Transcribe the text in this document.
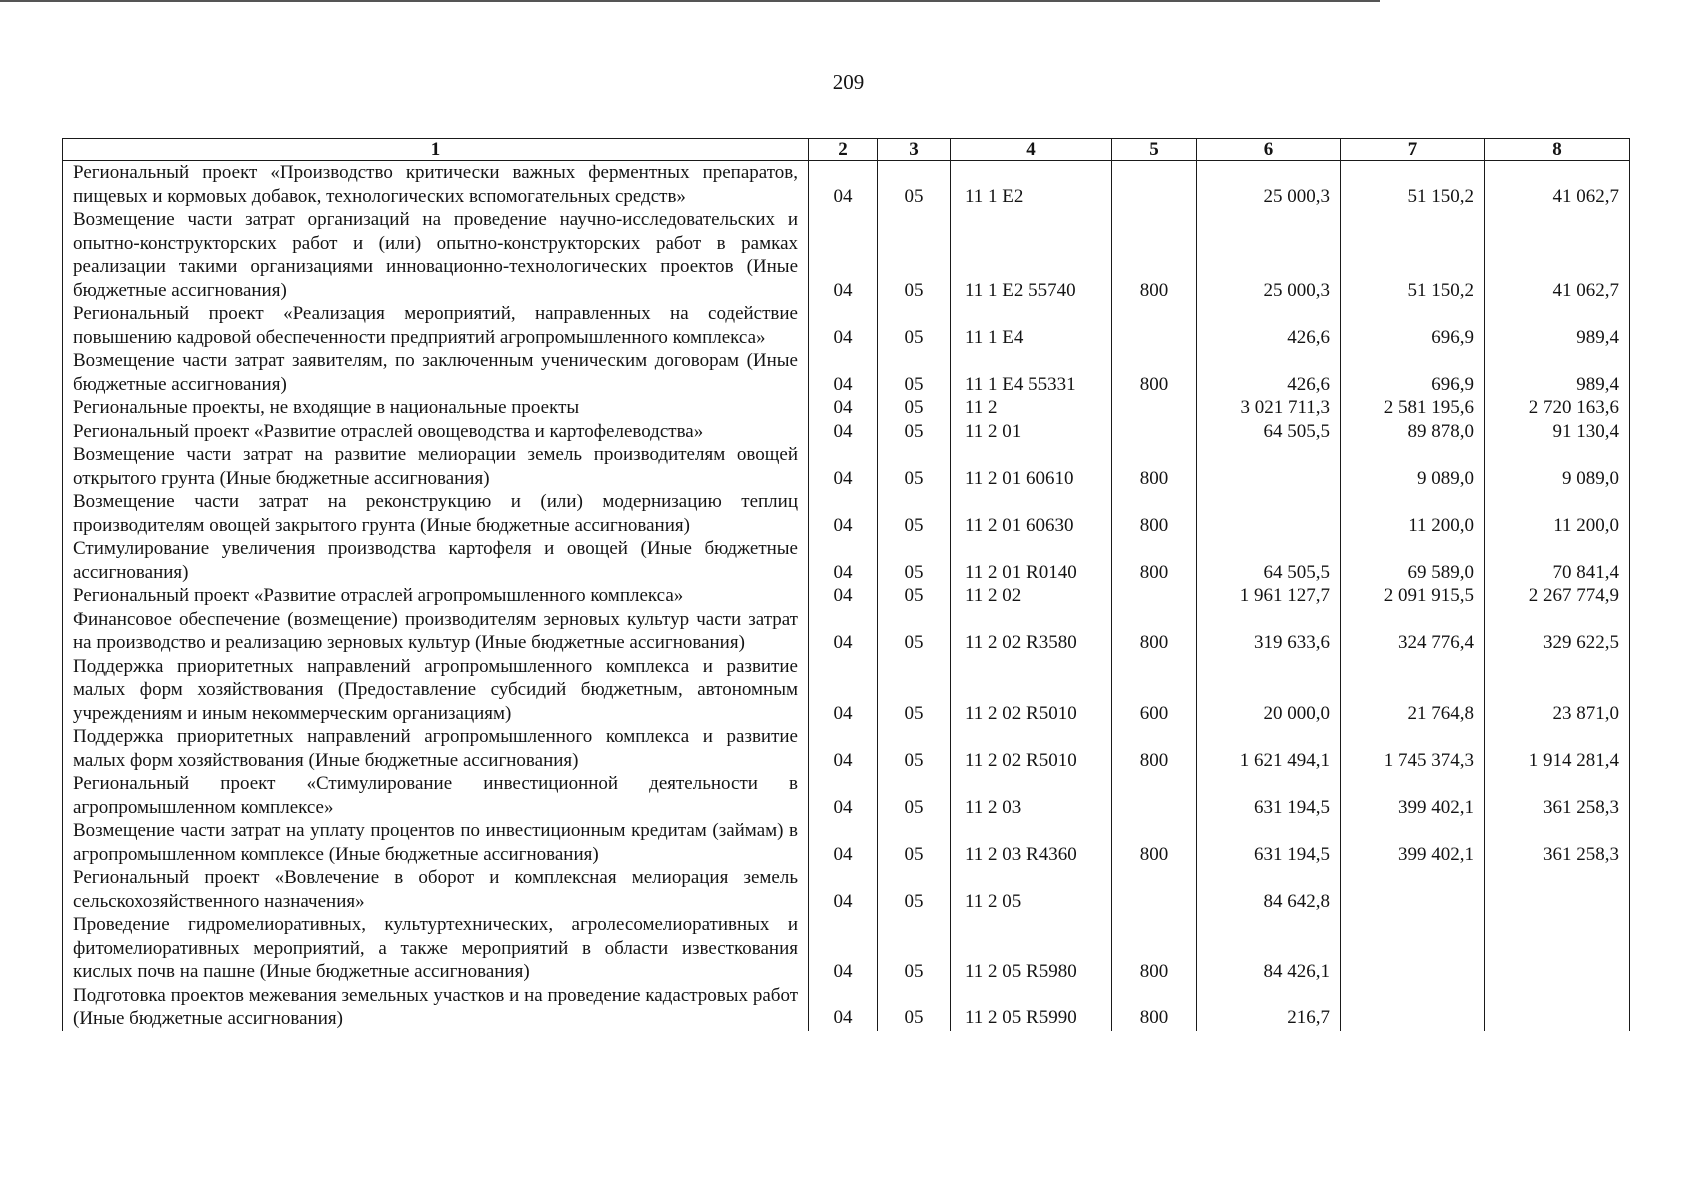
209
1	2	3	4	5	6	7	8
Региональный проект «Производство критически важных ферментных препаратов, пищевых и кормовых добавок, технологических вспомогательных средств»	04	05	11 1 E2		25 000,3	51 150,2	41 062,7
Возмещение части затрат организаций на проведение научно-исследовательских и опытно-конструкторских работ и (или) опытно-конструкторских работ в рамках реализации такими организациями инновационно-технологических проектов (Иные бюджетные ассигнования)	04	05	11 1 E2 55740	800	25 000,3	51 150,2	41 062,7
Региональный проект «Реализация мероприятий, направленных на содействие повышению кадровой обеспеченности предприятий агропромышленного комплекса»	04	05	11 1 E4		426,6	696,9	989,4
Возмещение части затрат заявителям, по заключенным ученическим договорам (Иные бюджетные ассигнования)	04	05	11 1 E4 55331	800	426,6	696,9	989,4
Региональные проекты, не входящие в национальные проекты	04	05	11 2		3 021 711,3	2 581 195,6	2 720 163,6
Региональный проект «Развитие отраслей овощеводства и картофелеводства»	04	05	11 2 01		64 505,5	89 878,0	91 130,4
Возмещение части затрат на развитие мелиорации земель производителям овощей открытого грунта (Иные бюджетные ассигнования)	04	05	11 2 01 60610	800		9 089,0	9 089,0
Возмещение части затрат на реконструкцию и (или) модернизацию теплиц производителям овощей закрытого грунта (Иные бюджетные ассигнования)	04	05	11 2 01 60630	800		11 200,0	11 200,0
Стимулирование увеличения производства картофеля и овощей (Иные бюджетные ассигнования)	04	05	11 2 01 R0140	800	64 505,5	69 589,0	70 841,4
Региональный проект «Развитие отраслей агропромышленного комплекса»	04	05	11 2 02		1 961 127,7	2 091 915,5	2 267 774,9
Финансовое обеспечение (возмещение) производителям зерновых культур части затрат на производство и реализацию зерновых культур (Иные бюджетные ассигнования)	04	05	11 2 02 R3580	800	319 633,6	324 776,4	329 622,5
Поддержка приоритетных направлений агропромышленного комплекса и развитие малых форм хозяйствования (Предоставление субсидий бюджетным, автономным учреждениям и иным некоммерческим организациям)	04	05	11 2 02 R5010	600	20 000,0	21 764,8	23 871,0
Поддержка приоритетных направлений агропромышленного комплекса и развитие малых форм хозяйствования (Иные бюджетные ассигнования)	04	05	11 2 02 R5010	800	1 621 494,1	1 745 374,3	1 914 281,4
Региональный проект «Стимулирование инвестиционной деятельности в агропромышленном комплексе»	04	05	11 2 03		631 194,5	399 402,1	361 258,3
Возмещение части затрат на уплату процентов по инвестиционным кредитам (займам) в агропромышленном комплексе (Иные бюджетные ассигнования)	04	05	11 2 03 R4360	800	631 194,5	399 402,1	361 258,3
Региональный проект «Вовлечение в оборот и комплексная мелиорация земель сельскохозяйственного назначения»	04	05	11 2 05		84 642,8		
Проведение гидромелиоративных, культуртехнических, агролесомелиоративных и фитомелиоративных мероприятий, а также мероприятий в области известкования кислых почв на пашне (Иные бюджетные ассигнования)	04	05	11 2 05 R5980	800	84 426,1		
Подготовка проектов межевания земельных участков и на проведение кадастровых работ (Иные бюджетные ассигнования)	04	05	11 2 05 R5990	800	216,7		
